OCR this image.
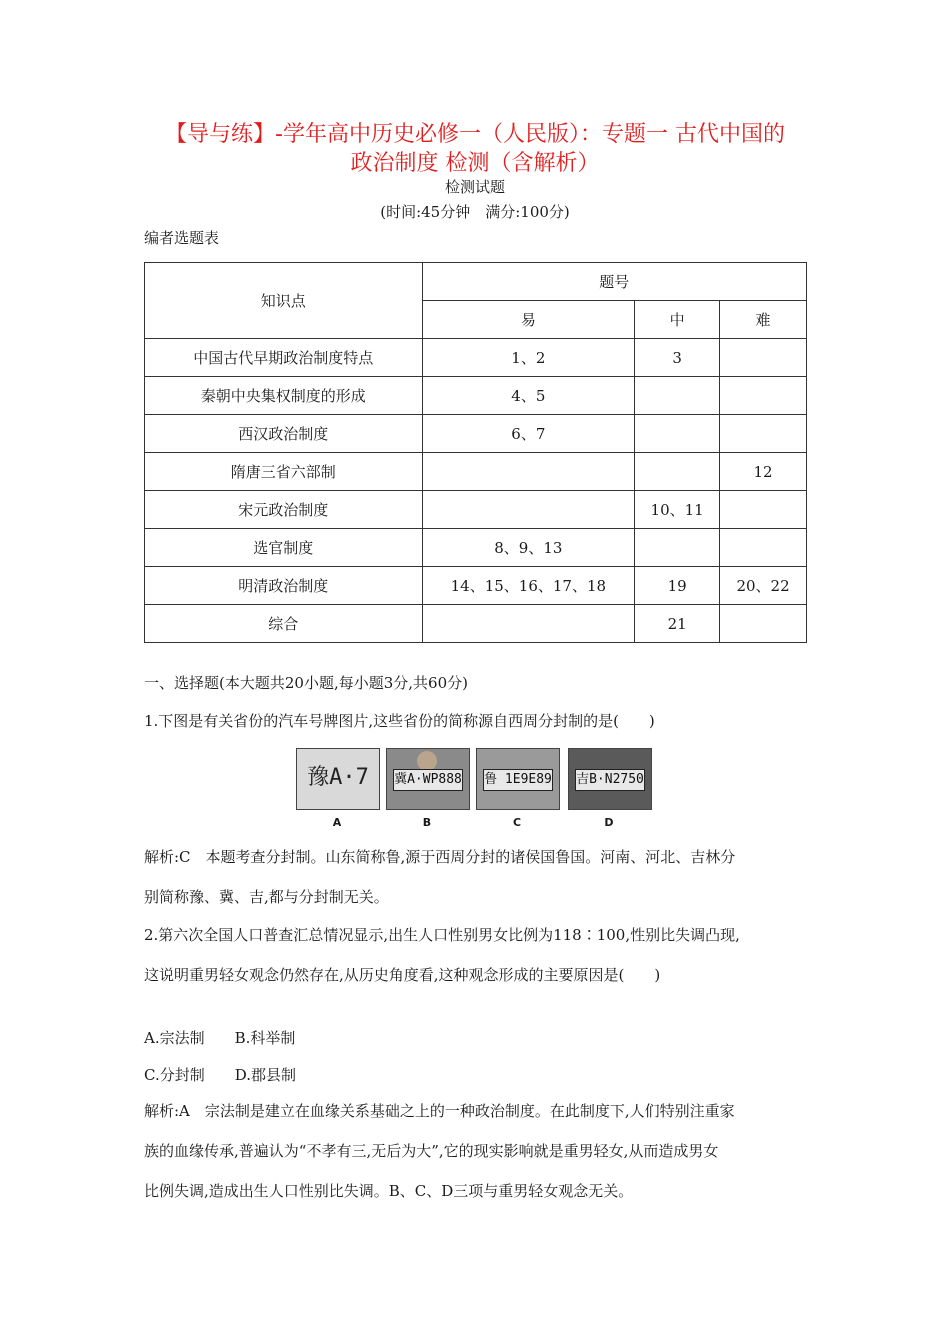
【导与练】-学年高中历史必修一（人民版）：专题一 古代中国的
政治制度 检测（含解析）
检测试题
(时间:45分钟　满分:100分)
编者选题表
知识点	题号		
	易	中	难
中国古代早期政治制度特点	1、2	3	
秦朝中央集权制度的形成	4、5		
西汉政治制度	6、7		
隋唐三省六部制			12
宋元政治制度		10、11	
选官制度	8、9、13		
明清政治制度	14、15、16、17、18	19	20、22
综合		21	
一、选择题(本大题共20小题,每小题3分,共60分)
1.下图是有关省份的汽车号牌图片,这些省份的简称源自西周分封制的是(　　)
豫A·7
A
冀A·WP888
B
鲁 1E9E89
C
吉B·N2750
D
解析:C　本题考查分封制。山东简称鲁,源于西周分封的诸侯国鲁国。河南、河北、吉林分
别简称豫、冀、吉,都与分封制无关。
2.第六次全国人口普查汇总情况显示,出生人口性别男女比例为118∶100,性别比失调凸现,
这说明重男轻女观念仍然存在,从历史角度看,这种观念形成的主要原因是(　　)
A.宗法制　　B.科举制
C.分封制　　D.郡县制
解析:A　宗法制是建立在血缘关系基础之上的一种政治制度。在此制度下,人们特别注重家
族的血缘传承,普遍认为“不孝有三,无后为大”,它的现实影响就是重男轻女,从而造成男女
比例失调,造成出生人口性别比失调。B、C、D三项与重男轻女观念无关。
